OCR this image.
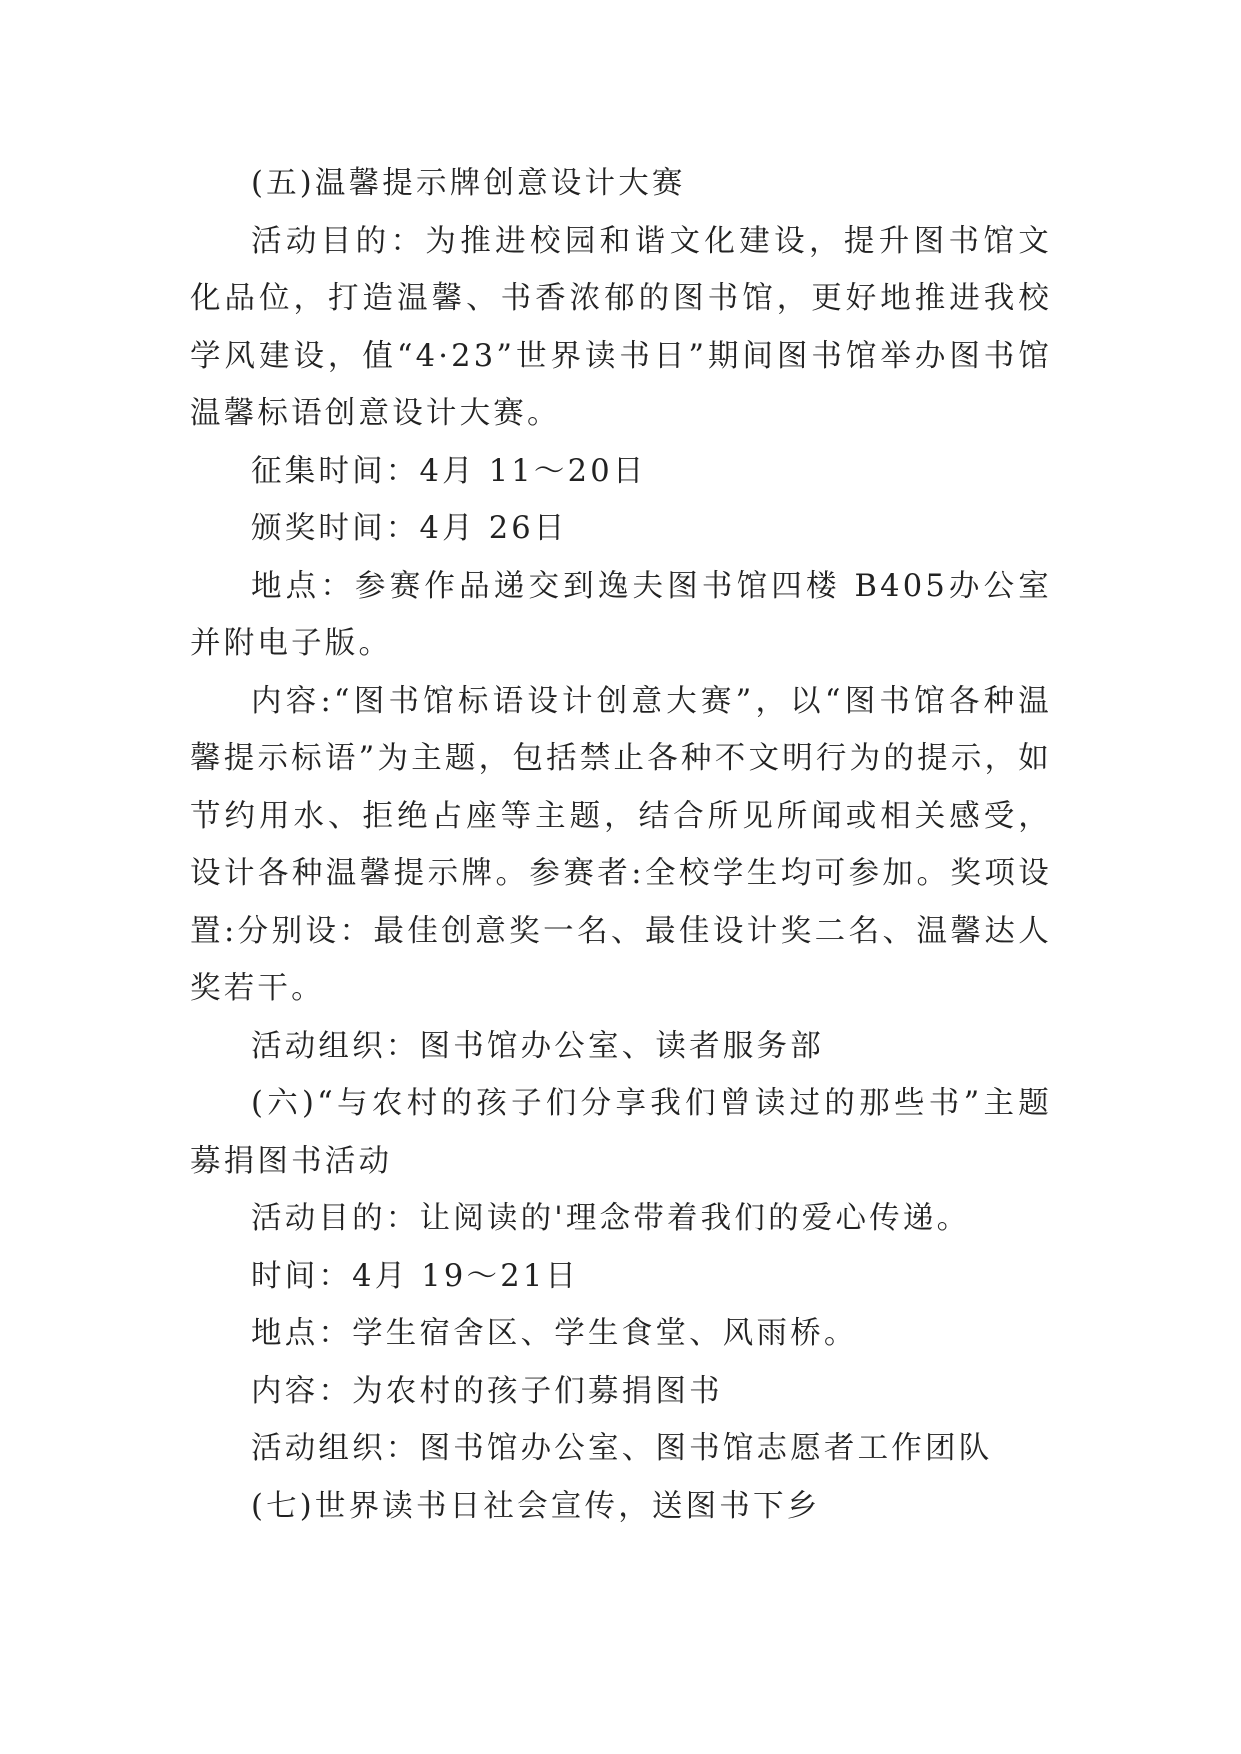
(五)温馨提示牌创意设计大赛

活动目的：为推进校园和谐文化建设，提升图书馆文化品位，打造温馨、书香浓郁的图书馆，更好地推进我校学风建设，值“4·23”世界读书日”期间图书馆举办图书馆温馨标语创意设计大赛。

征集时间：4月 11～20日

颁奖时间：4月 26日

地点：参赛作品递交到逸夫图书馆四楼 B405办公室并附电子版。

内容:“图书馆标语设计创意大赛”，以“图书馆各种温馨提示标语”为主题，包括禁止各种不文明行为的提示，如节约用水、拒绝占座等主题，结合所见所闻或相关感受，设计各种温馨提示牌。参赛者:全校学生均可参加。奖项设置:分别设：最佳创意奖一名、最佳设计奖二名、温馨达人奖若干。

活动组织：图书馆办公室、读者服务部

(六)“与农村的孩子们分享我们曾读过的那些书”主题募捐图书活动

活动目的：让阅读的'理念带着我们的爱心传递。

时间：4月 19～21日

地点：学生宿舍区、学生食堂、风雨桥。

内容：为农村的孩子们募捐图书

活动组织：图书馆办公室、图书馆志愿者工作团队

(七)世界读书日社会宣传，送图书下乡
